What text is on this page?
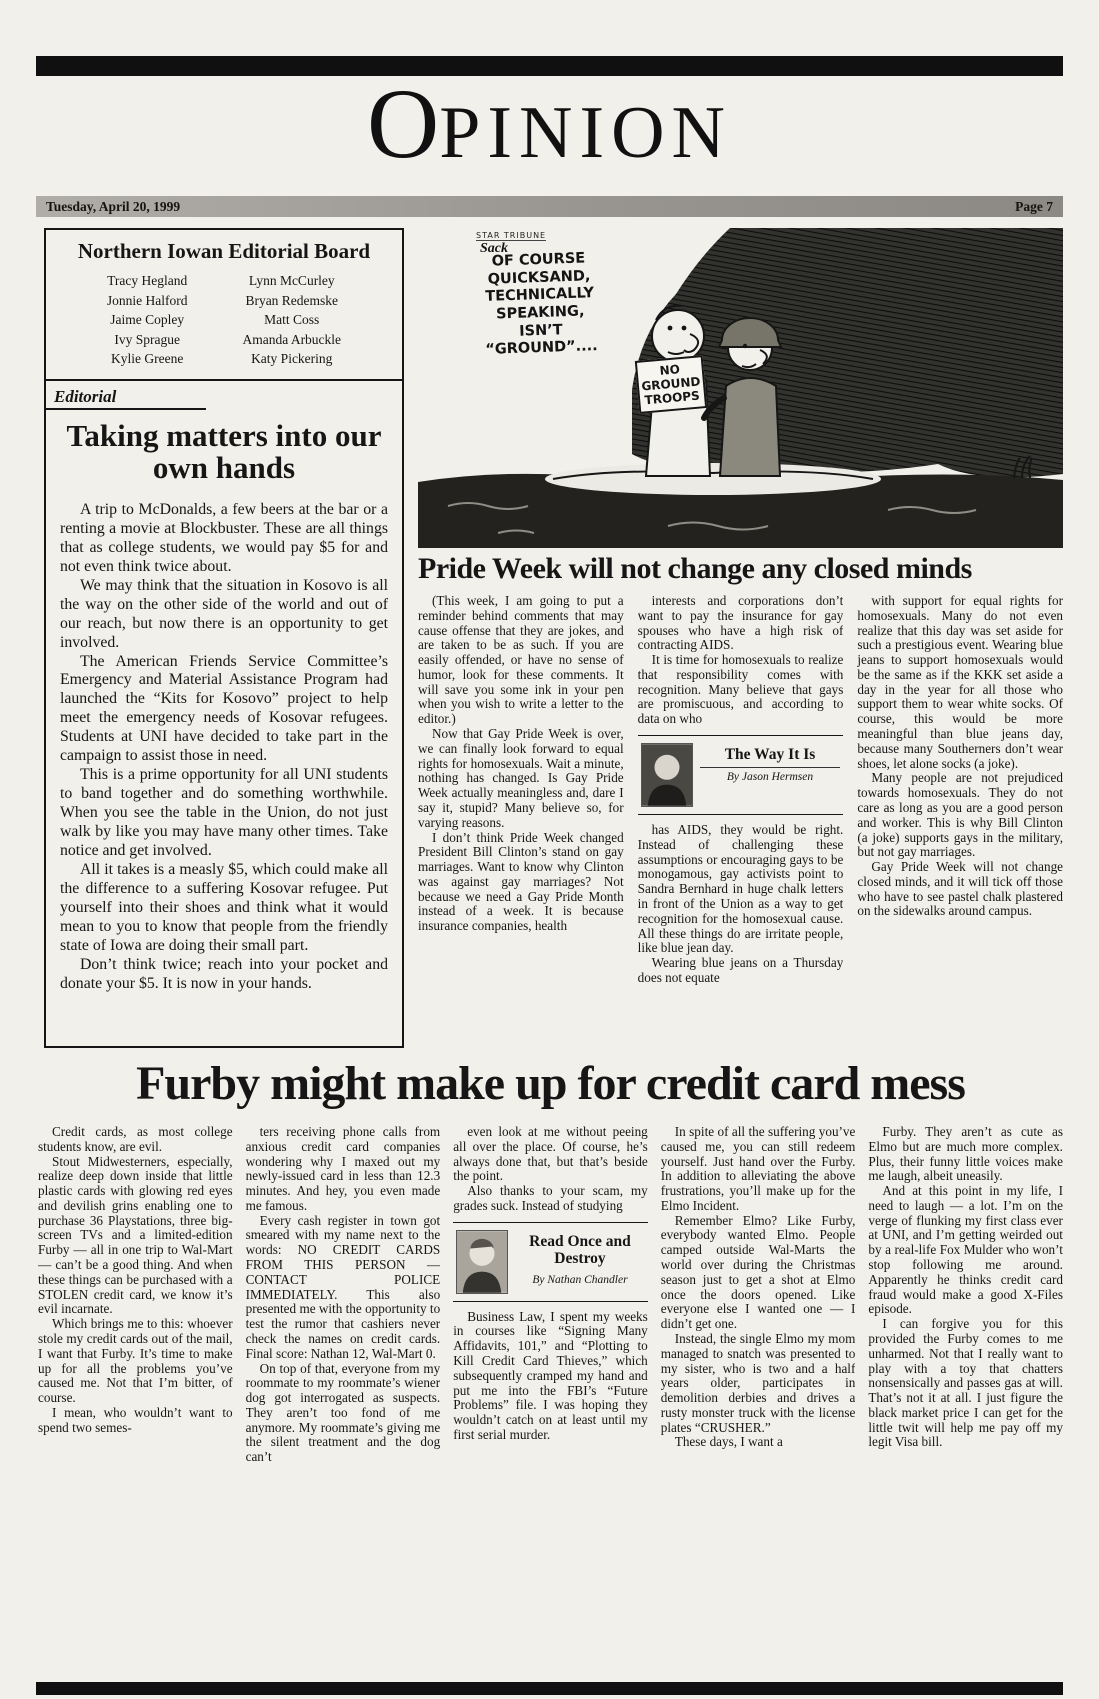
OPINION
Tuesday, April 20, 1999	Page 7
Northern Iowan Editorial Board

Tracy Hegland

Jonnie Halford

Jaime Copley

Ivy Sprague

Kylie Greene

Lynn McCurley

Bryan Redemske

Matt Coss

Amanda Arbuckle

Katy Pickering

Editorial
Taking matters into our own hands

A trip to McDonalds, a few beers at the bar or a renting a movie at Blockbuster. These are all things that as college students, we would pay $5 for and not even think twice about.

We may think that the situation in Kosovo is all the way on the other side of the world and out of our reach, but now there is an opportunity to get involved.

The American Friends Service Committee’s Emergency and Material Assistance Program had launched the “Kits for Kosovo” project to help meet the emergency needs of Kosovar refugees. Students at UNI have decided to take part in the campaign to assist those in need.

This is a prime opportunity for all UNI students to band together and do something worthwhile. When you see the table in the Union, do not just walk by like you may have many other times. Take notice and get involved.

All it takes is a measly $5, which could make all the difference to a suffering Kosovar refugee. Put yourself into their shoes and think what it would mean to you to know that people from the friendly state of Iowa are doing their small part.

Don’t think twice; reach into your pocket and donate your $5. It is now in your hands.

STAR TRIBUNE
Sack
OF COURSE
QUICKSAND,
TECHNICALLY
SPEAKING,
ISN’T
“GROUND”....
NO
GROUND
TROOPS
Pride Week will not change any closed minds

(This week, I am going to put a reminder behind comments that may cause offense that they are jokes, and are taken to be as such. If you are easily offended, or have no sense of humor, look for these comments. It will save you some ink in your pen when you wish to write a letter to the editor.)

Now that Gay Pride Week is over, we can finally look forward to equal rights for homosexuals. Wait a minute, nothing has changed. Is Gay Pride Week actually meaningless and, dare I say it, stupid? Many believe so, for varying reasons.

I don’t think Pride Week changed President Bill Clinton’s stand on gay marriages. Want to know why Clinton was against gay marriages? Not because we need a Gay Pride Month instead of a week. It is because insurance companies, health

interests and corporations don’t want to pay the insurance for gay spouses who have a high risk of contracting AIDS.

It is time for homosexuals to realize that responsibility comes with recognition. Many believe that gays are promiscuous, and according to data on who

The Way It Is
By Jason Hermsen

has AIDS, they would be right. Instead of challenging these assumptions or encouraging gays to be monogamous, gay activists point to Sandra Bernhard in huge chalk letters in front of the Union as a way to get recognition for the homosexual cause. All these things do are irritate people, like blue jean day.

Wearing blue jeans on a Thursday does not equate

with support for equal rights for homosexuals. Many do not even realize that this day was set aside for such a prestigious event. Wearing blue jeans to support homosexuals would be the same as if the KKK set aside a day in the year for all those who support them to wear white socks. Of course, this would be more meaningful than blue jeans day, because many Southerners don’t wear shoes, let alone socks (a joke).

Many people are not prejudiced towards homosexuals. They do not care as long as you are a good person and worker. This is why Bill Clinton (a joke) supports gays in the military, but not gay marriages.

Gay Pride Week will not change closed minds, and it will tick off those who have to see pastel chalk plastered on the sidewalks around campus.

Furby might make up for credit card mess

Credit cards, as most college students know, are evil.

Stout Midwesterners, especially, realize deep down inside that little plastic cards with glowing red eyes and devilish grins enabling one to purchase 36 Playstations, three big-screen TVs and a limited-edition Furby — all in one trip to Wal-Mart — can’t be a good thing. And when these things can be purchased with a STOLEN credit card, we know it’s evil incarnate.

Which brings me to this: whoever stole my credit cards out of the mail, I want that Furby. It’s time to make up for all the problems you’ve caused me. Not that I’m bitter, of course.

I mean, who wouldn’t want to spend two semes-

ters receiving phone calls from anxious credit card companies wondering why I maxed out my newly-issued card in less than 12.3 minutes. And hey, you even made me famous.

Every cash register in town got smeared with my name next to the words: NO CREDIT CARDS FROM THIS PERSON — CONTACT POLICE IMMEDIATELY. This also presented me with the opportunity to test the rumor that cashiers never check the names on credit cards. Final score: Nathan 12, Wal-Mart 0.

On top of that, everyone from my roommate to my roommate’s wiener dog got interrogated as suspects. They aren’t too fond of me anymore. My roommate’s giving me the silent treatment and the dog can’t

even look at me without peeing all over the place. Of course, he’s always done that, but that’s beside the point.

Also thanks to your scam, my grades suck. Instead of studying

Read Once and Destroy
By Nathan Chandler

Business Law, I spent my weeks in courses like “Signing Many Affidavits, 101,” and “Plotting to Kill Credit Card Thieves,” which subsequently cramped my hand and put me into the FBI’s “Future Problems” file. I was hoping they wouldn’t catch on at least until my first serial murder.

In spite of all the suffering you’ve caused me, you can still redeem yourself. Just hand over the Furby. In addition to alleviating the above frustrations, you’ll make up for the Elmo Incident.

Remember Elmo? Like Furby, everybody wanted Elmo. People camped outside Wal-Marts the world over during the Christmas season just to get a shot at Elmo once the doors opened. Like everyone else I wanted one — I didn’t get one.

Instead, the single Elmo my mom managed to snatch was presented to my sister, who is two and a half years older, participates in demolition derbies and drives a rusty monster truck with the license plates “CRUSHER.”

These days, I want a

Furby. They aren’t as cute as Elmo but are much more complex. Plus, their funny little voices make me laugh, albeit uneasily.

And at this point in my life, I need to laugh — a lot. I’m on the verge of flunking my first class ever at UNI, and I’m getting weirded out by a real-life Fox Mulder who won’t stop following me around. Apparently he thinks credit card fraud would make a good X-Files episode.

I can forgive you for this provided the Furby comes to me unharmed. Not that I really want to play with a toy that chatters nonsensically and passes gas at will. That’s not it at all. I just figure the black market price I can get for the little twit will help me pay off my legit Visa bill.
